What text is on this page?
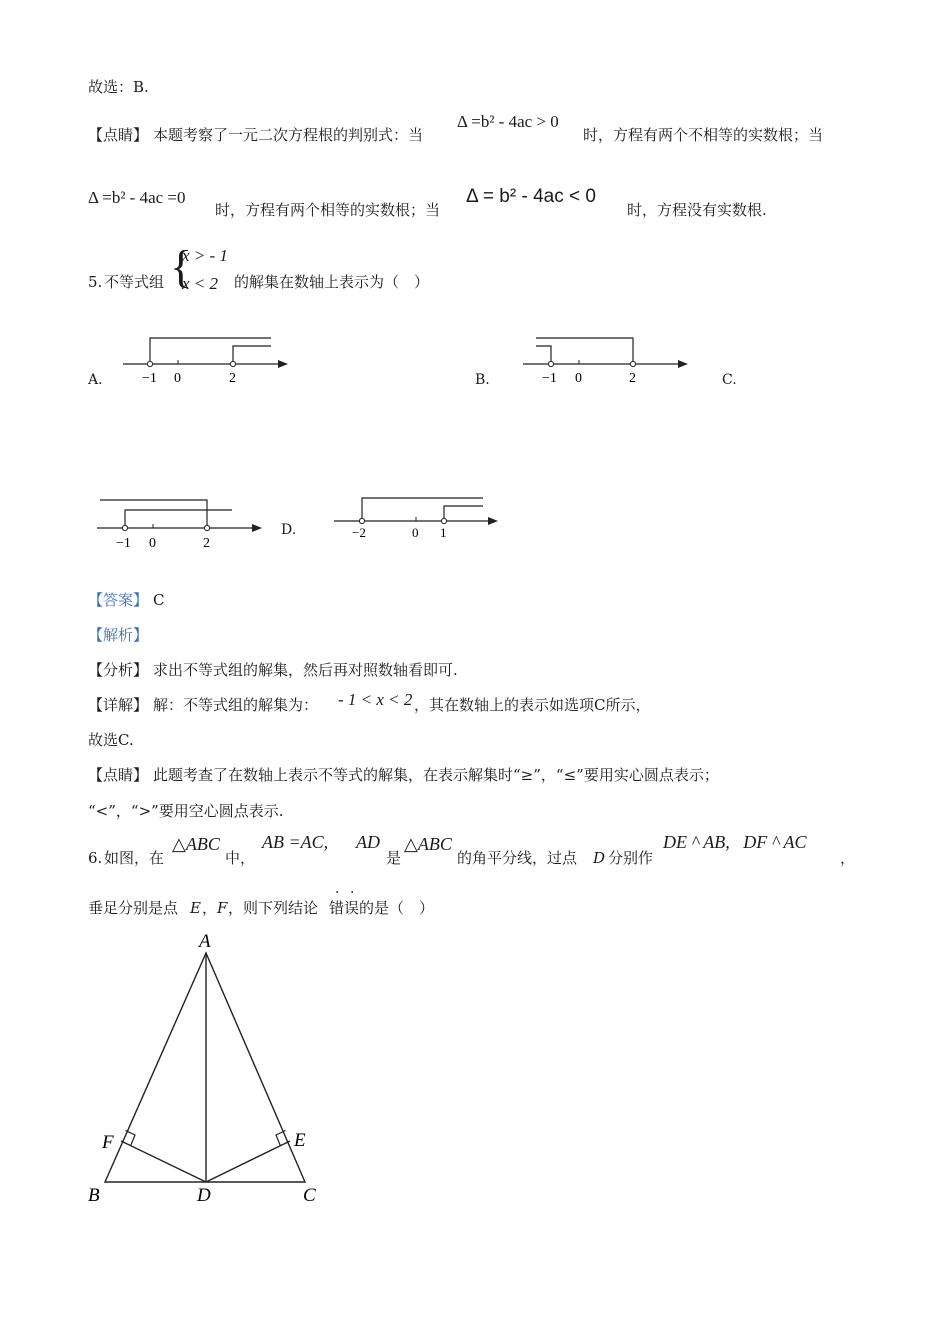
故选：B.
【点睛】 本题考察了一元二次方程根的判别式：当
Δ =b² - 4ac > 0
时，方程有两个不相等的实数根；当
Δ =b² - 4ac =0
时，方程有两个相等的实数根；当
Δ = b² - 4ac < 0
时，方程没有实数根.
5. 不等式组 {
x > - 1
x < 2 的解集在数轴上表示为（　）
A.	−1 0	2	B.	−1 0	2	C.
−1 0	2
D.	−2	0 1
【答案】 C
【解析】
【分析】 求出不等式组的解集，然后再对照数轴看即可.
【详解】 解：不等式组的解集为： - 1 < x < 2 ，其在数轴上的表示如选项C所示，
故选C.
【点睛】 此题考查了在数轴上表示不等式的解集，在表示解集时“≥”，“≤”要用实心圆点表示；
“<”，“>”要用空心圆点表示.
6. 如图，在
△ABC
中，
AB =AC, AD
是
△ABC
的角平分线，过点 D 分别作
DE ^ AB,   DF ^ AC
，
垂足分别是点 E ， F ，则下列结论 错误
· ·
的是（　）
A
B	C
D
E
F
